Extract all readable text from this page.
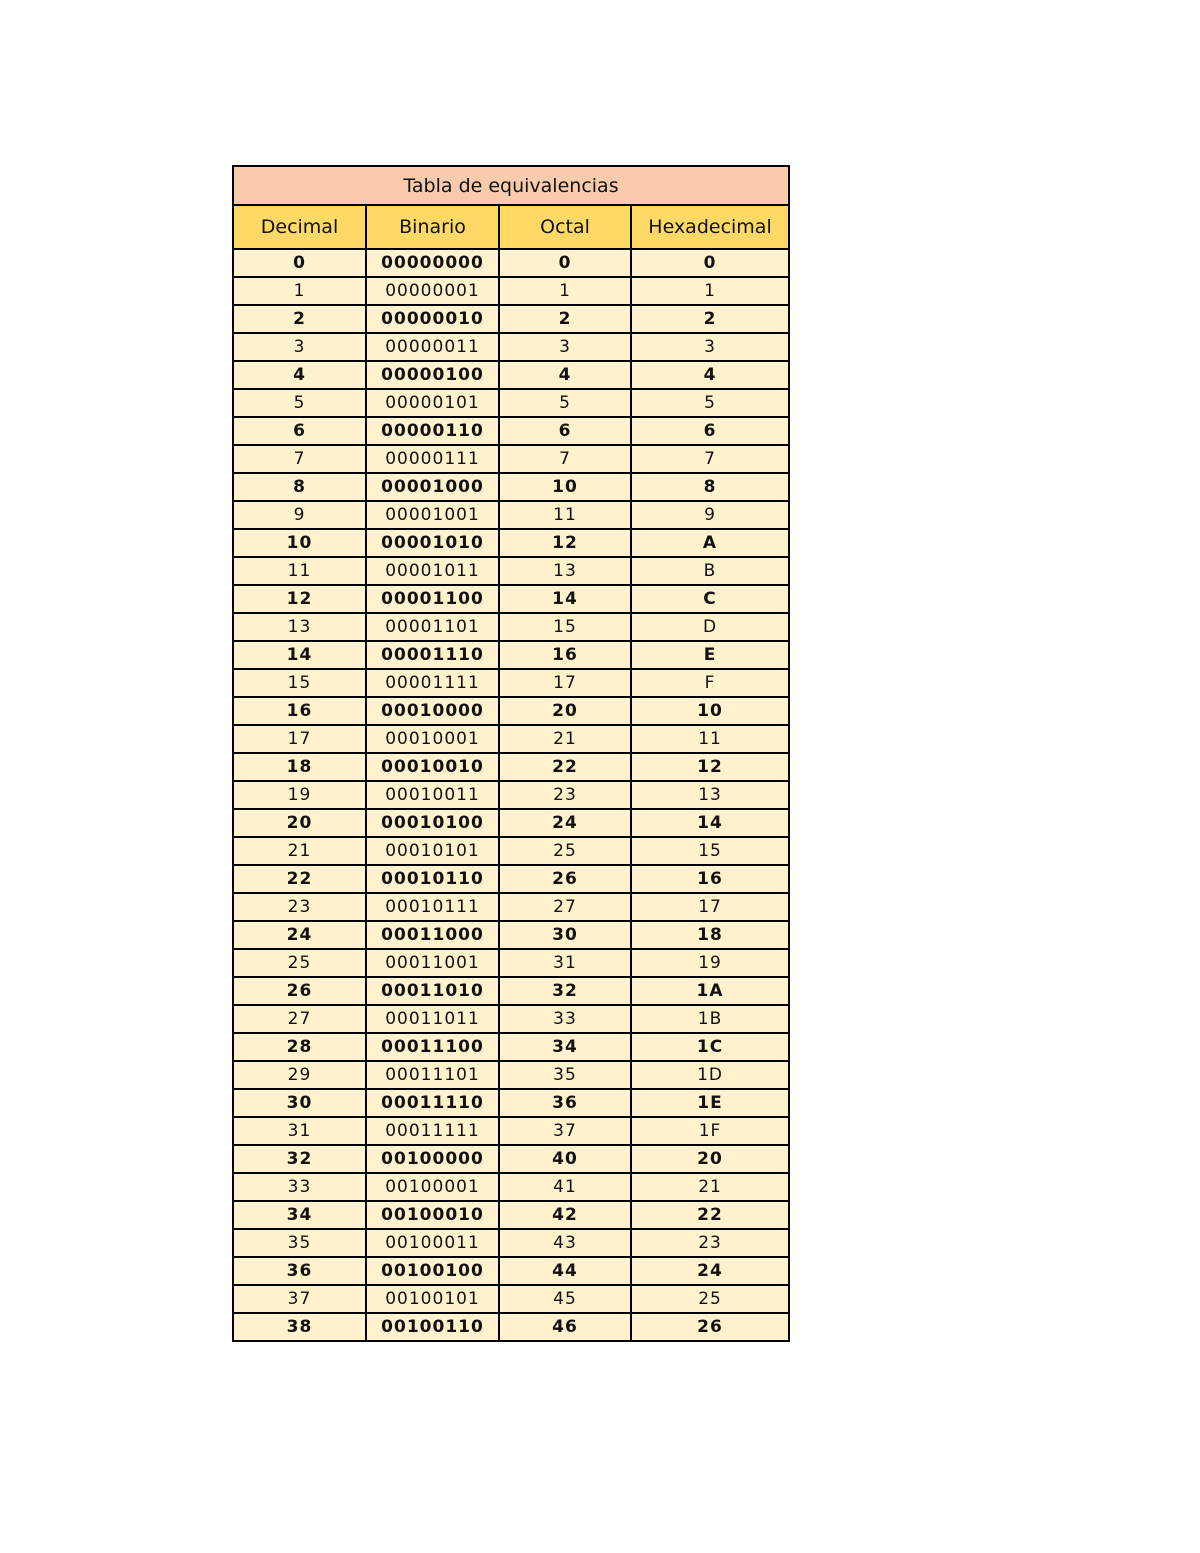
Tabla de equivalencias			
Decimal	Binario	Octal	Hexadecimal
0	00000000	0	0
1	00000001	1	1
2	00000010	2	2
3	00000011	3	3
4	00000100	4	4
5	00000101	5	5
6	00000110	6	6
7	00000111	7	7
8	00001000	10	8
9	00001001	11	9
10	00001010	12	A
11	00001011	13	B
12	00001100	14	C
13	00001101	15	D
14	00001110	16	E
15	00001111	17	F
16	00010000	20	10
17	00010001	21	11
18	00010010	22	12
19	00010011	23	13
20	00010100	24	14
21	00010101	25	15
22	00010110	26	16
23	00010111	27	17
24	00011000	30	18
25	00011001	31	19
26	00011010	32	1A
27	00011011	33	1B
28	00011100	34	1C
29	00011101	35	1D
30	00011110	36	1E
31	00011111	37	1F
32	00100000	40	20
33	00100001	41	21
34	00100010	42	22
35	00100011	43	23
36	00100100	44	24
37	00100101	45	25
38	00100110	46	26
